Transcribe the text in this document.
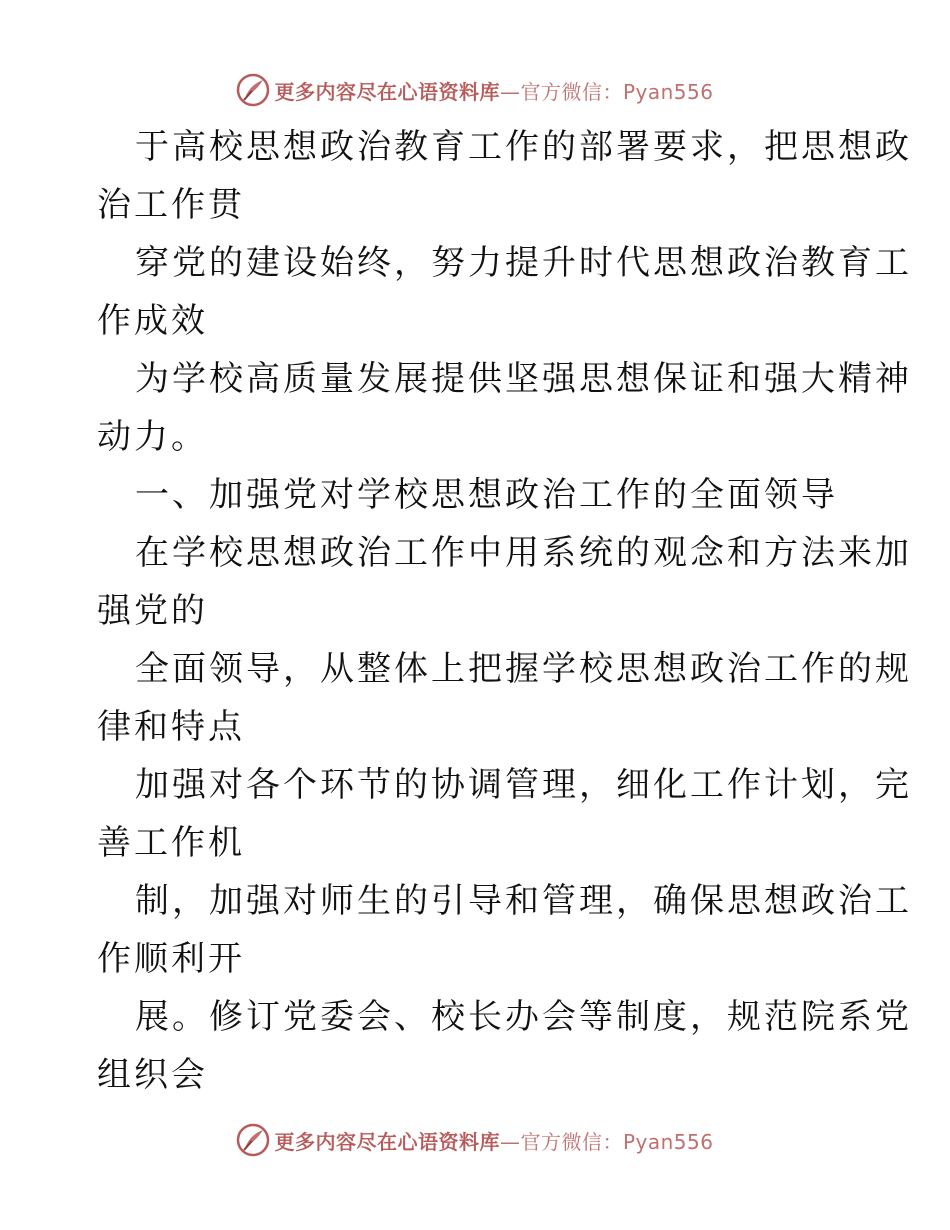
更多内容尽在心语资料库—官方微信：Pyan556
于高校思想政治教育工作的部署要求，把思想政
治工作贯
穿党的建设始终，努力提升时代思想政治教育工
作成效
为学校高质量发展提供坚强思想保证和强大精神
动力。
一、加强党对学校思想政治工作的全面领导
在学校思想政治工作中用系统的观念和方法来加
强党的
全面领导，从整体上把握学校思想政治工作的规
律和特点
加强对各个环节的协调管理，细化工作计划，完
善工作机
制，加强对师生的引导和管理，确保思想政治工
作顺利开
展。修订党委会、校长办会等制度，规范院系党
组织会
更多内容尽在心语资料库—官方微信：Pyan556
